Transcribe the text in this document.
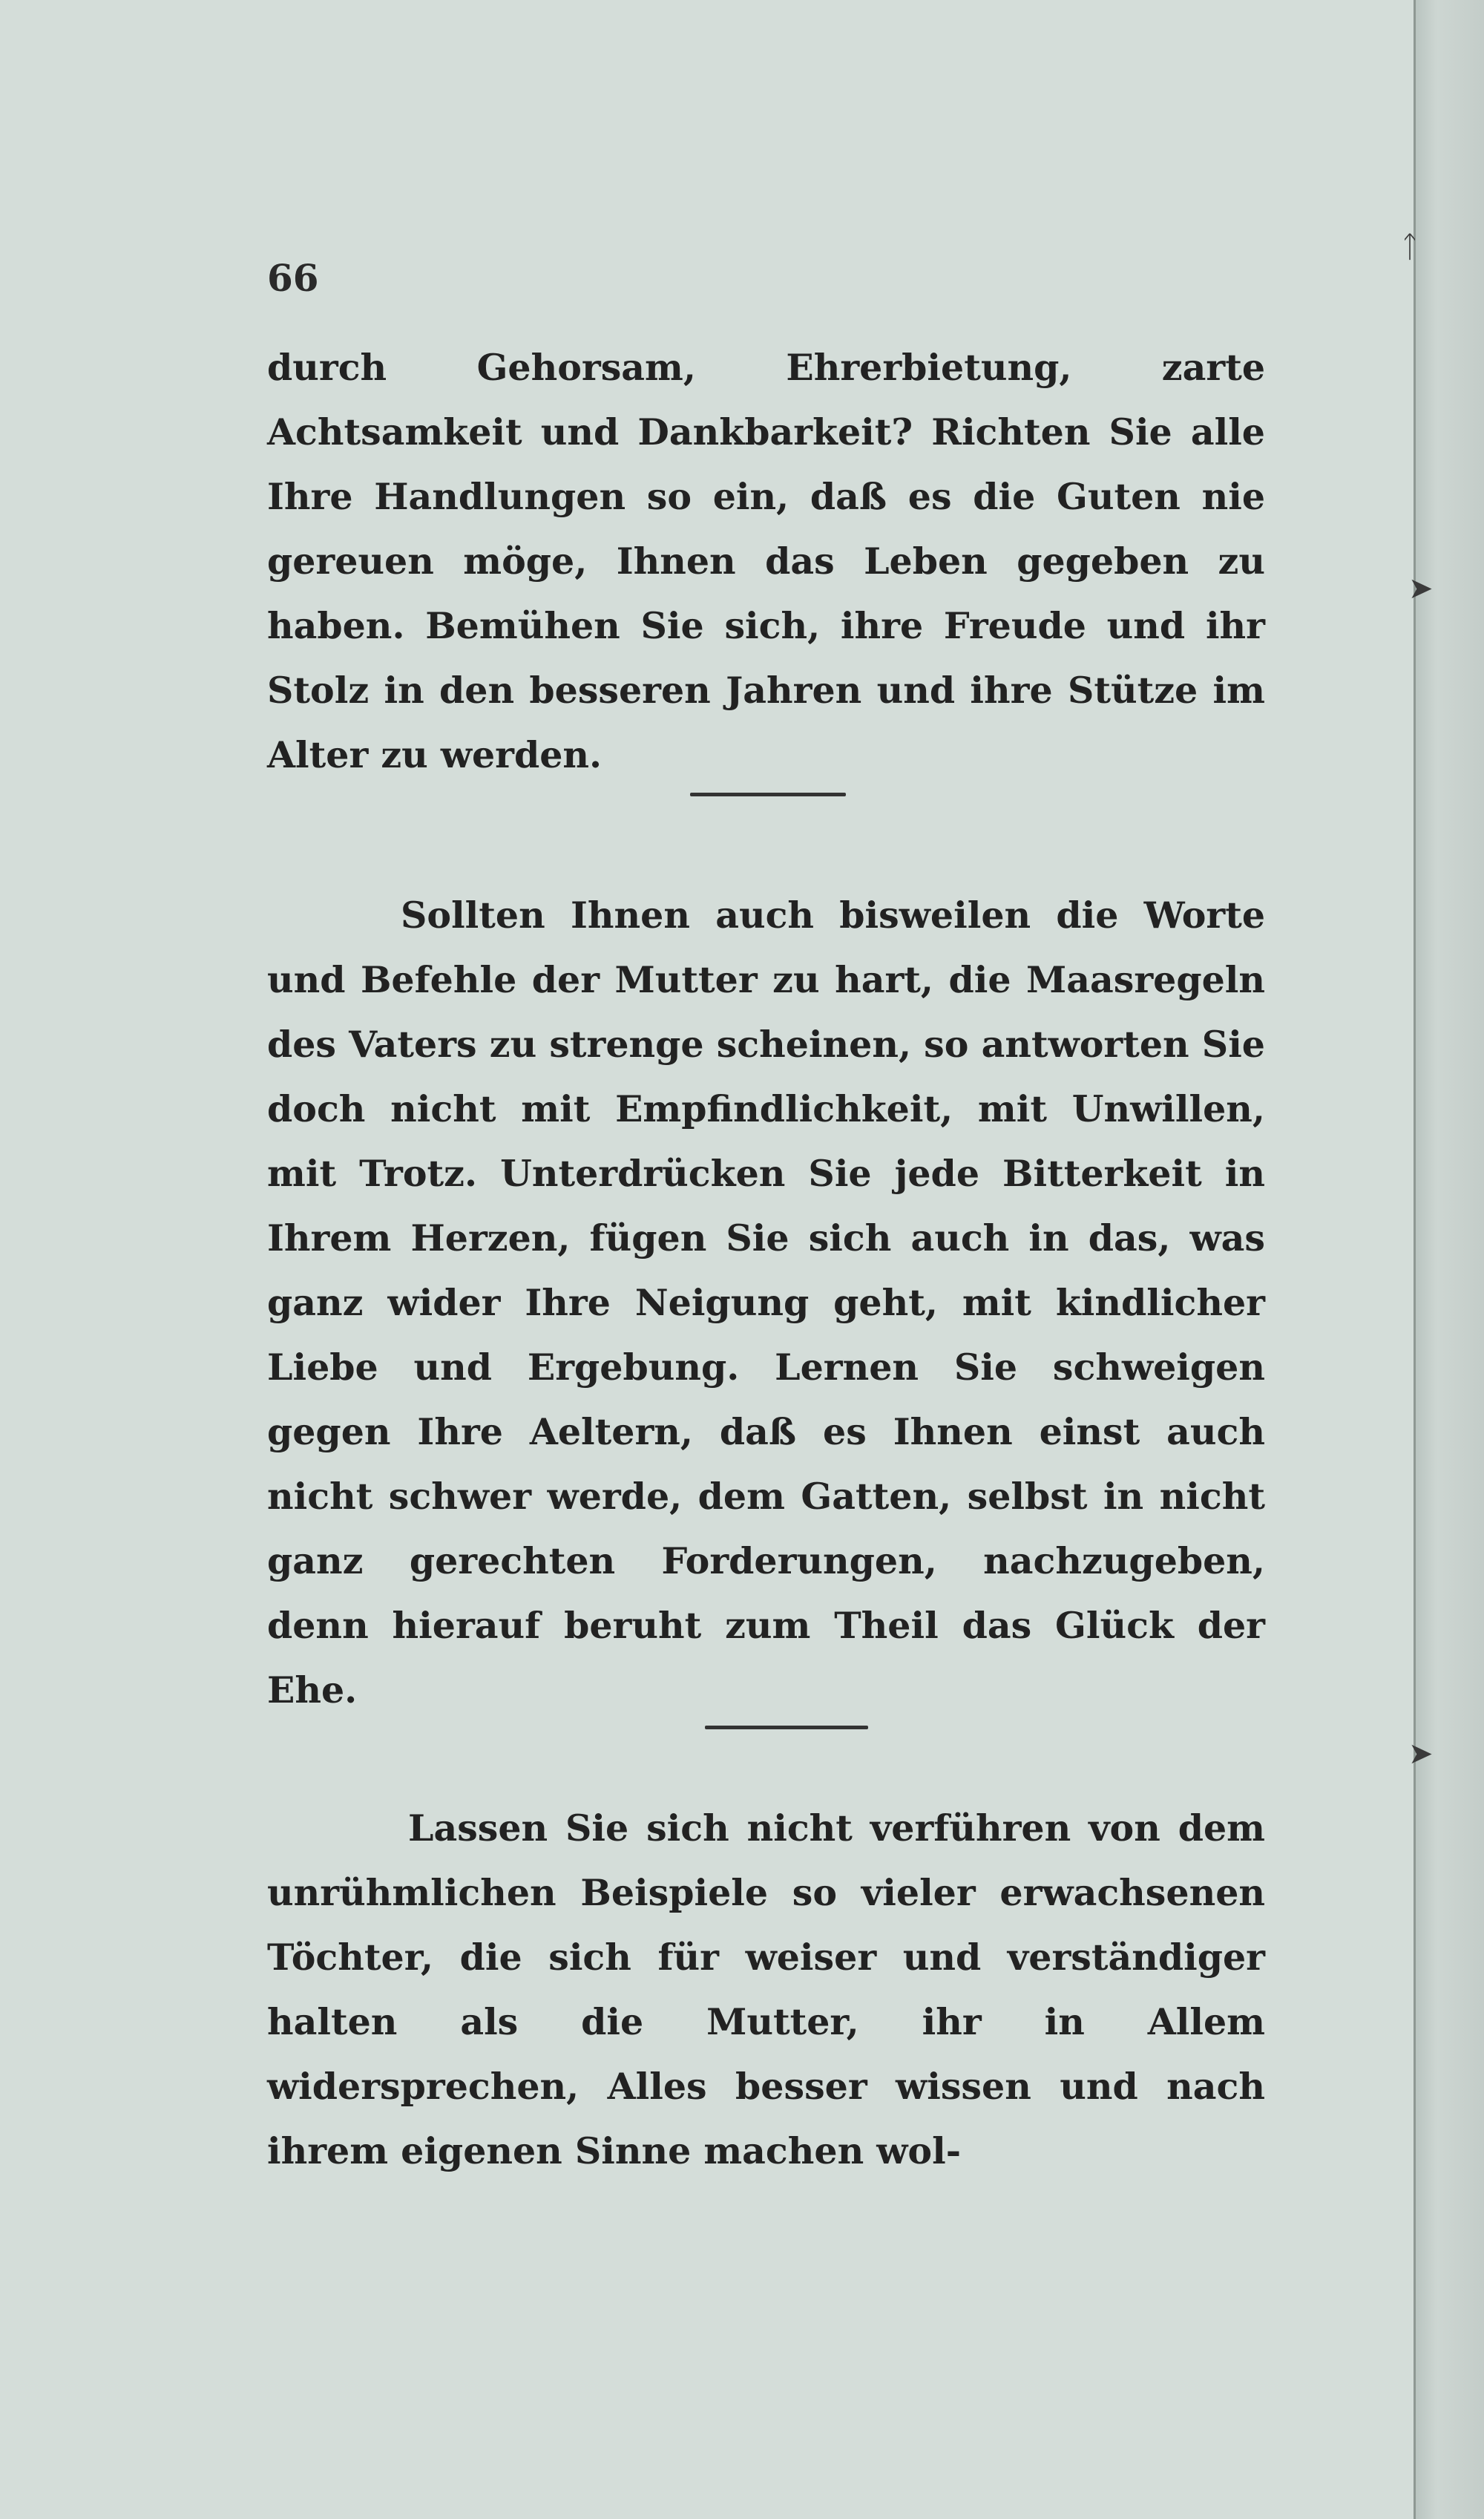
66
durch Gehorsam, Ehrerbietung, zarte Achtsamkeit und Dankbarkeit? Richten Sie alle Ihre Handlungen so ein, daß es die Guten nie gereuen möge, Ihnen das Leben gegeben zu haben. Bemühen Sie sich, ihre Freude und ihr Stolz in den besseren Jahren und ihre Stütze im Alter zu werden.
Sollten Ihnen auch bisweilen die Worte und Befehle der Mutter zu hart, die Maasregeln des Vaters zu strenge scheinen, so antworten Sie doch nicht mit Empfindlichkeit, mit Unwillen, mit Trotz. Unterdrücken Sie jede Bitterkeit in Ihrem Herzen, fügen Sie sich auch in das, was ganz wider Ihre Neigung geht, mit kindlicher Liebe und Ergebung. Lernen Sie schweigen gegen Ihre Aeltern, daß es Ihnen einst auch nicht schwer werde, dem Gatten, selbst in nicht ganz gerechten Forderungen, nachzugeben, denn hierauf beruht zum Theil das Glück der Ehe.
Lassen Sie sich nicht verführen von dem unrühmlichen Beispiele so vieler erwachsenen Töchter, die sich für weiser und verständiger halten als die Mutter, ihr in Allem widersprechen, Alles besser wissen und nach ihrem eigenen Sinne machen wol-
ᛏ
➤
➤
